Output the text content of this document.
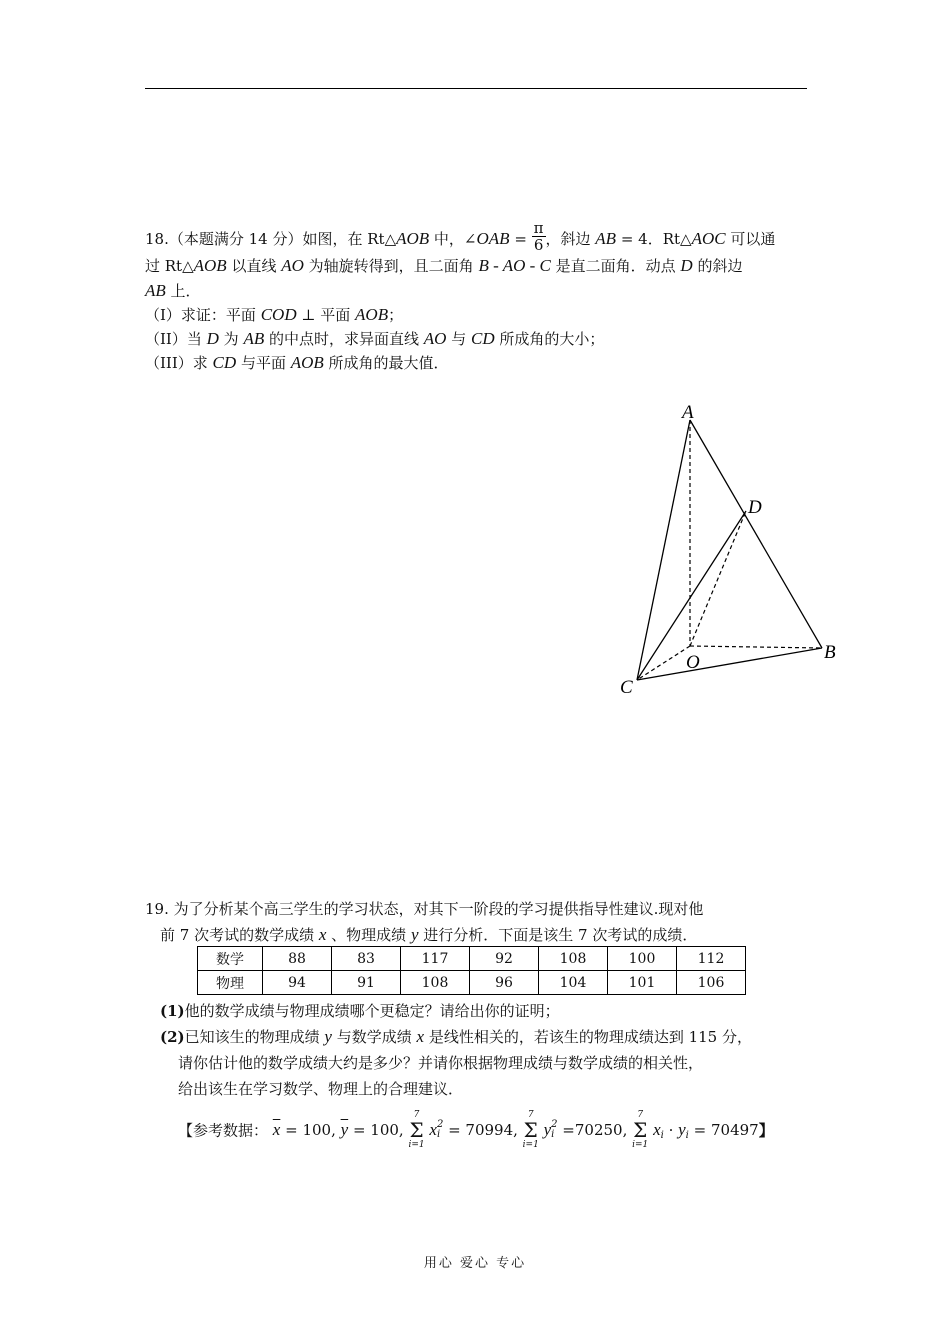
18.（本题满分 14 分）如图，在 Rt△AOB 中，∠OAB = $\frac{\pi}{6}$ ，斜边 AB = 4．Rt△AOC 可以通
过 Rt△AOB 以直线 AO 为轴旋转得到，且二面角 B - AO - C 是直二面角．动点 D 的斜边
AB 上．
（I）求证：平面 COD ⊥ 平面 AOB；
（II）当 D 为 AB 的中点时，求异面直线 AO 与 CD 所成角的大小；
（III）求 CD 与平面 AOB 所成角的最大值．
A
D
B
O
C
19. 为了分析某个高三学生的学习状态，对其下一阶段的学习提供指导性建议.现对他
前 7 次考试的数学成绩 x 、物理成绩 y 进行分析．下面是该生 7 次考试的成绩．
数学	88	83	117	92	108	100	112
物理	94	91	108	96	104	101	106
(1)他的数学成绩与物理成绩哪个更稳定？请给出你的证明；
(2)已知该生的物理成绩 y 与数学成绩 x 是线性相关的，若该生的物理成绩达到 115 分，
请你估计他的数学成绩大约是多少？并请你根据物理成绩与数学成绩的相关性，
给出该生在学习数学、物理上的合理建议．
【参考数据： $\overline{x} = 100$, $\overline{y} = 100$,
7
Σ
i=1
x 2
i = 70994,
7
Σ
i=1
y 2
i =70250,
7
Σ
i=1
$x_i \cdot y_i = 70497$】
用心 爱心 专心
